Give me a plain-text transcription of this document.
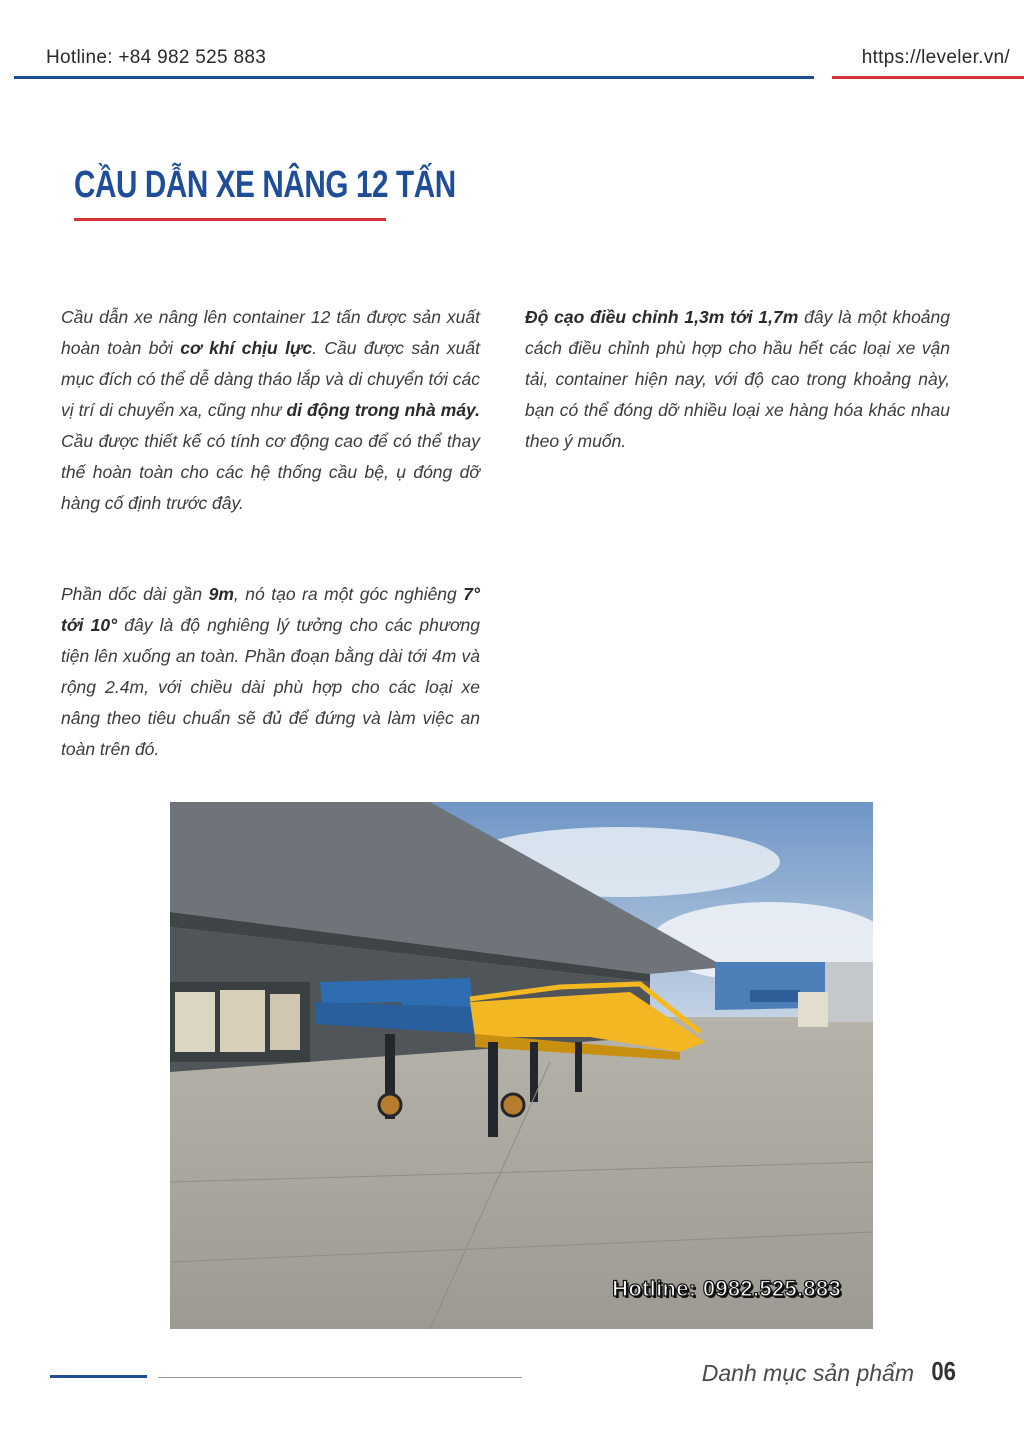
Hotline: +84 982 525 883	https://leveler.vn/
CẦU DẪN XE NÂNG 12 TẤN

Cầu dẫn xe nâng lên container 12 tấn được sản xuất hoàn toàn bởi cơ khí chịu lực. Cầu được sản xuất mục đích có thể dễ dàng tháo lắp và di chuyển tới các vị trí di chuyển xa, cũng như di động trong nhà máy. Cầu được thiết kế có tính cơ động cao để có thể thay thế hoàn toàn cho các hệ thống cầu bệ, ụ đóng dỡ hàng cố định trước đây.

Độ cạo điều chỉnh 1,3m tới 1,7m đây là một khoảng cách điều chỉnh phù hợp cho hầu hết các loại xe vận tải, container hiện nay, với độ cao trong khoảng này, bạn có thể đóng dỡ nhiều loại xe hàng hóa khác nhau theo ý muốn.

Phần dốc dài gần 9m, nó tạo ra một góc nghiêng 7° tới 10° đây là độ nghiêng lý tưởng cho các phương tiện lên xuống an toàn. Phần đoạn bằng dài tới 4m và rộng 2.4m, với chiều dài phù hợp cho các loại xe nâng theo tiêu chuẩn sẽ đủ để đứng và làm việc an toàn trên đó.

Hotline: 0982.525.883
Danh mục sản phẩm 06
